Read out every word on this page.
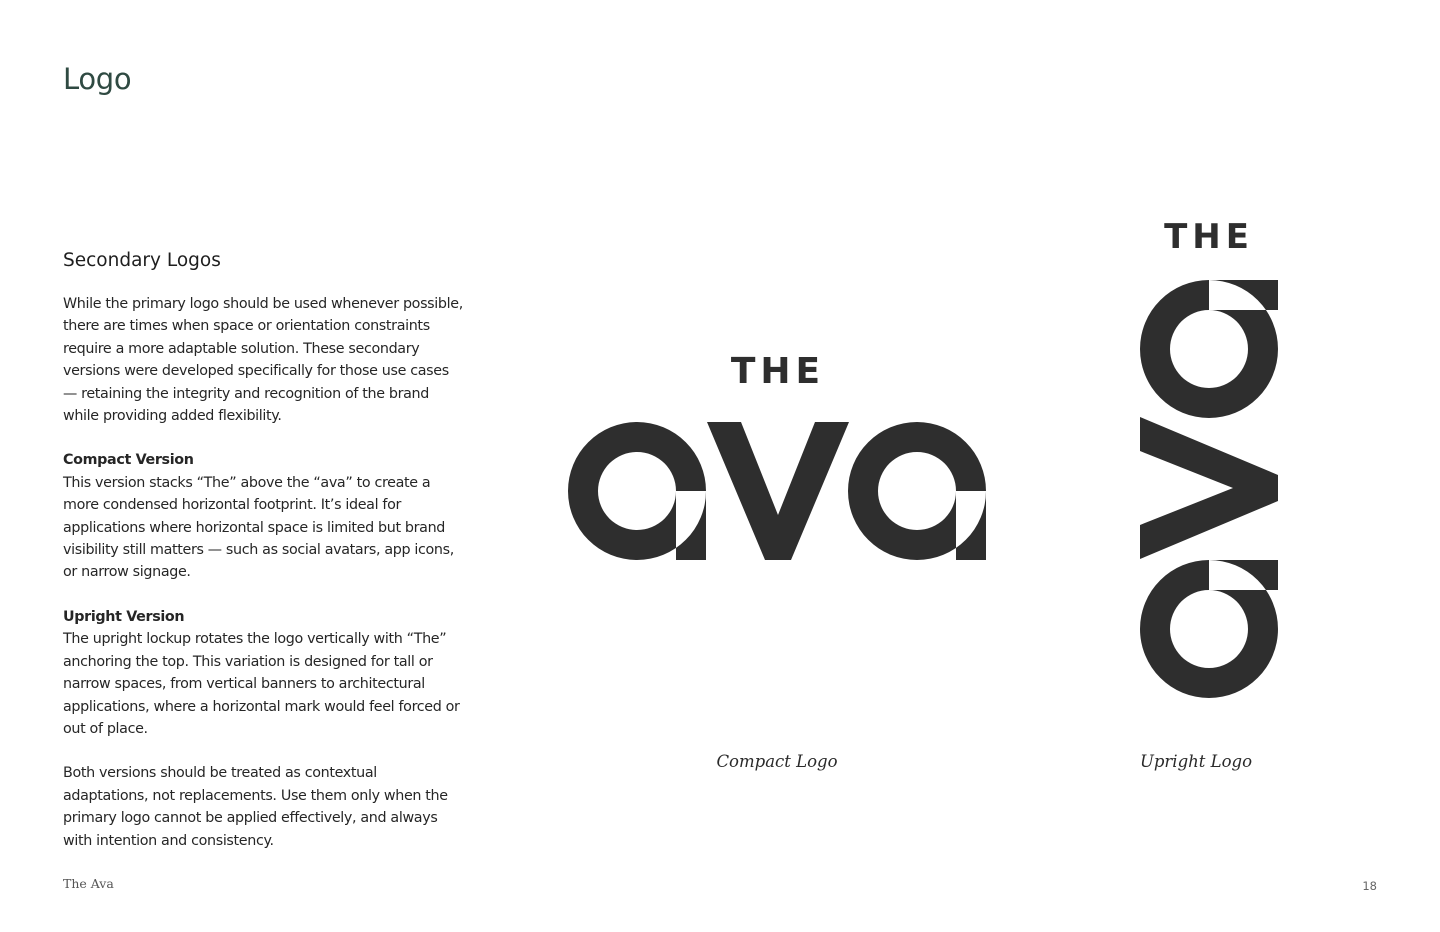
Logo
Secondary Logos

While the primary logo should be used whenever possible, there are times when space or orientation constraints require a more adaptable solution. These secondary versions were developed specifically for those use cases — retaining the integrity and recognition of the brand while providing added flexibility.

Compact Version
This version stacks “The” above the “ava” to create a more condensed horizontal footprint. It’s ideal for applications where horizontal space is limited but brand visibility still matters — such as social avatars, app icons, or narrow signage.

Upright Version
The upright lockup rotates the logo vertically with “The” anchoring the top. This variation is designed for tall or narrow spaces, from vertical banners to architectural applications, where a horizontal mark would feel forced or out of place.

Both versions should be treated as contextual adaptations, not replacements. Use them only when the primary logo cannot be applied effectively, and always with intention and consistency.

THE

Compact Logo

THE

Upright Logo

The Ava	18
